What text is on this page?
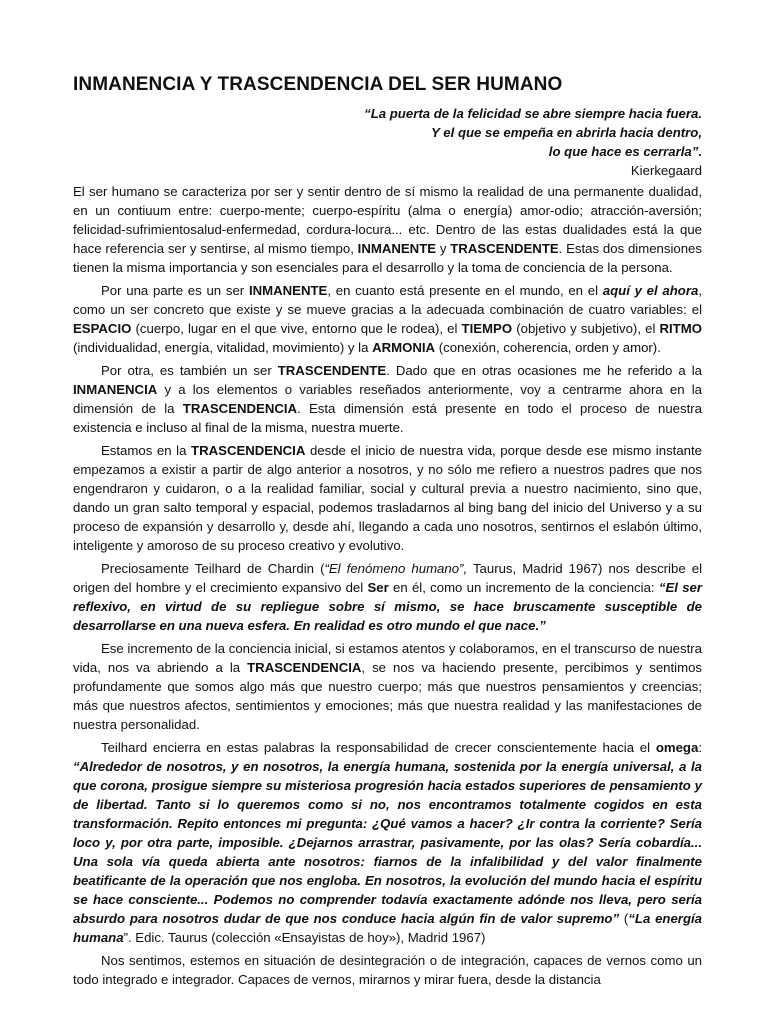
INMANENCIA Y TRASCENDENCIA DEL SER HUMANO
“La puerta de la felicidad se abre siempre hacia fuera.
Y el que se empeña en abrirla hacia dentro,
lo que hace es cerrarla”.
Kierkegaard

El ser humano se caracteriza por ser y sentir dentro de sí mismo la realidad de una permanente dualidad, en un contiuum entre: cuerpo-mente; cuerpo-espíritu (alma o energía) amor-odio; atracción-aversión; felicidad-sufrimientosalud-enfermedad, cordura-locura... etc. Dentro de las estas dualidades está la que hace referencia ser y sentirse, al mismo tiempo, INMANENTE y TRASCENDENTE. Estas dos dimensiones tienen la misma importancia y son esenciales para el desarrollo y la toma de conciencia de la persona.

Por una parte es un ser INMANENTE, en cuanto está presente en el mundo, en el aquí y el ahora, como un ser concreto que existe y se mueve gracias a la adecuada combinación de cuatro variables: el ESPACIO (cuerpo, lugar en el que vive, entorno que le rodea), el TIEMPO (objetivo y subjetivo), el RITMO (individualidad, energía, vitalidad, movimiento) y la ARMONIA (conexión, coherencia, orden y amor).

Por otra, es también un ser TRASCENDENTE. Dado que en otras ocasiones me he referido a la INMANENCIA y a los elementos o variables reseñados anteriormente, voy a centrarme ahora en la dimensión de la TRASCENDENCIA. Esta dimensión está presente en todo el proceso de nuestra existencia e incluso al final de la misma, nuestra muerte.

Estamos en la TRASCENDENCIA desde el inicio de nuestra vida, porque desde ese mismo instante empezamos a existir a partir de algo anterior a nosotros, y no sólo me refiero a nuestros padres que nos engendraron y cuidaron, o a la realidad familiar, social y cultural previa a nuestro nacimiento, sino que, dando un gran salto temporal y espacial, podemos trasladarnos al bing bang del inicio del Universo y a su proceso de expansión y desarrollo y, desde ahí, llegando a cada uno nosotros, sentirnos el eslabón último, inteligente y amoroso de su proceso creativo y evolutivo.

Preciosamente Teilhard de Chardin (“El fenómeno humano”, Taurus, Madrid 1967) nos describe el origen del hombre y el crecimiento expansivo del Ser en él, como un incremento de la conciencia: “El ser reflexivo, en virtud de su repliegue sobre sí mismo, se hace bruscamente susceptible de desarrollarse en una nueva esfera. En realidad es otro mundo el que nace.”

Ese incremento de la conciencia inicial, si estamos atentos y colaboramos, en el transcurso de nuestra vida, nos va abriendo a la TRASCENDENCIA, se nos va haciendo presente, percibimos y sentimos profundamente que somos algo más que nuestro cuerpo; más que nuestros pensamientos y creencias; más que nuestros afectos, sentimientos y emociones; más que nuestra realidad y las manifestaciones de nuestra personalidad.

Teilhard encierra en estas palabras la responsabilidad de crecer conscientemente hacia el omega: “Alrededor de nosotros, y en nosotros, la energía humana, sostenida por la energía universal, a la que corona, prosigue siempre su misteriosa progresión hacia estados superiores de pensamiento y de libertad. Tanto si lo queremos como si no, nos encontramos totalmente cogidos en esta transformación. Repito entonces mi pregunta: ¿Qué vamos a hacer? ¿Ir contra la corriente? Sería loco y, por otra parte, imposible. ¿Dejarnos arrastrar, pasivamente, por las olas? Sería cobardía... Una sola vía queda abierta ante nosotros: fiarnos de la infalibilidad y del valor finalmente beatificante de la operación que nos engloba. En nosotros, la evolución del mundo hacia el espíritu se hace consciente... Podemos no comprender todavía exactamente adónde nos lleva, pero sería absurdo para nosotros dudar de que nos conduce hacia algún fin de valor supremo” (“La energía humana”. Edic. Taurus (colección «Ensayistas de hoy»), Madrid 1967)

Nos sentimos, estemos en situación de desintegración o de integración, capaces de vernos como un todo integrado e integrador. Capaces de vernos, mirarnos y mirar fuera, desde la distancia
